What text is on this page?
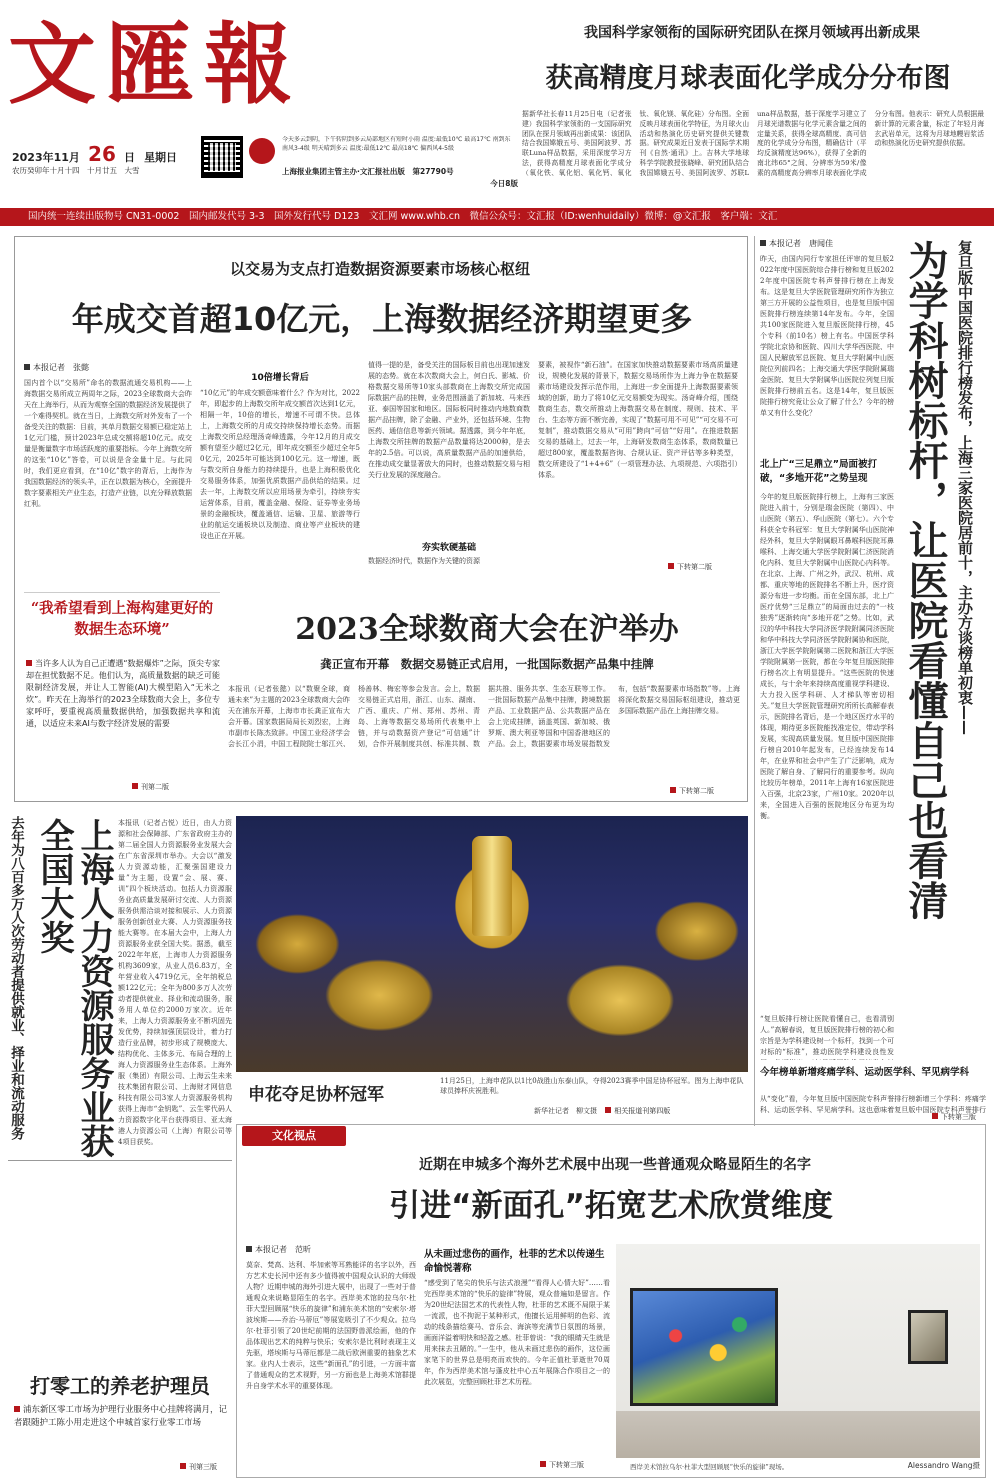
文匯報
2023年11月 26 日 星期日
农历癸卯年十月十四　十月廿五　大雪
今天多云到阴，下午转阴到多云局部地区有短时小雨 温度:最低10℃ 最高17℃ 南到东南风3-4级 明天晴到多云 温度:最低12℃ 最高18℃ 偏西风4-5级
上海报业集团主管主办·文汇报社出版 第27790号
今日8版
我国科学家领衔的国际研究团队在探月领域再出新成果
获高精度月球表面化学成分分布图
据新华社长春11月25日电（记者张建）我国科学家领衔的一支国际研究团队在探月领域再出新成果：该团队结合我国嫦娥五号、美国阿波罗、苏联Luna样品数据，采用深度学习方法，获得高精度月球表面化学成分（氧化铁、氧化铝、氧化钙、氧化钛、氧化镁、氧化硅）分布图。全面反映月球表面化学特征，为月球火山活动和热演化历史研究提供关键数据。研究成果近日发表于国际学术期刊《自然·通讯》上。吉林大学地球科学学院教授张晓峰、研究团队结合我国嫦娥五号、美国阿波罗、苏联Luna样品数据，基于深度学习建立了月球光谱数据与化学元素含量之间的定量关系，获得全球高精度、高可信度的化学成分分布图，精确估计（平均反演精度达96%），获得了全新的南北纬65°之间、分辨率为59米/像素的高精度高分辨率月球表面化学成分分布图。他表示：研究人员根据最新计算的元素含量，标定了年轻月海玄武岩单元，这将为月球地幔岩浆活动和热演化历史研究提供依据。
国内统一连续出版物号 CN31-0002　国内邮发代号 3-3　国外发行代号 D123　文汇网 www.whb.cn　微信公众号：文汇报（ID:wenhuidaily）微博：@文汇报　客户端：文汇
以交易为支点打造数据资源要素市场核心枢纽
年成交首超10亿元，上海数据经济期望更多
本报记者　张懿
国内首个以“交易所”命名的数据流通交易机构——上海数据交易所成立两周年之际，2023全球数商大会昨天在上海举行，从而为观察全国的数据经济发展提供了一个难得契机。就在当日，上海数交所对外发布了一个备受关注的数据：目前，其单月数据交易额已稳定站上1亿元门槛，预计2023年总成交额将超10亿元。成交量是衡量数字市场活跃度的重要指标。今年上海数交所的这张“10亿”答卷，可以说是含金量十足。与此同时，我们更应看到，在“10亿”数字的背后，上海作为我国数据经济的领头羊，正在以数据为核心，全面提升数字要素相关产业生态，打造产业链，以充分释放数据红利。
10倍增长背后
“10亿元”的年成交额意味着什么？作为对比，2022年，即起步的上海数交所年成交额首次达到1亿元，相隔一年，10倍的增长，增速不可谓不快。总体上，上海数交所的月成交持续保持增长态势。而据上海数交所总经理汤奇峰透露，今年12月的月成交额有望至少超过2亿元，即年成交额至少超过全年50亿元，2025年可能达到100亿元。这一增速，既与数交所自身能力的持续提升，也是上海积极优化交易服务体系，加强优质数据产品供给的结果。过去一年，上海数交所以应用场景为牵引，持续夯实运营体系，目前，覆盖金融、保险、证券等业务场景的金融板块，覆盖通信、运输、卫星、旅游等行业的航运交通板块以及制造、商业等产业板块的建设也正在开展。
值得一提的是，备受关注的国际板目前也出现加速发展的态势。就在本次数商大会上，何白氏、影城、价格数据交易所等10家头部数商在上海数交所完成国际数据产品的挂牌，业务范围涵盖了新加坡、马来西亚、泰国等国家和地区。国际板同时推动内地数商数据产品挂牌，除了金融、产业外，还包括环境、生物医药、通信信息等新兴领域。据透露，到今年年底，上海数交所挂牌的数据产品数量将达2000种，是去年的2.5倍。可以说，高质量数据产品的加速供给，在推动成交量显著放大的同时，也推动数据交易与相关行业发展的深度融合。
夯实软硬基础
数据经济时代，数据作为关键的资源
要素，被视作“新石油”。在国家加快推动数据要素市场高质量建设，规模化发展的背景下，数据交易场所作为上海力争在数据要素市场建设发挥示范作用，上海进一步全面提升上海数据要素领域的创新，助力了将10亿元交易额变为现实。汤奇峰介绍，围绕数商生态，数交所推动上海数据交易在制度、规则、技术、平台、生态等方面不断完善，实现了“数据可用不可见”“可交易不可复制”，推动数据交易从“可用”跨向“可信”“好用”。在推进数据交易的基础上，过去一年，上海研发数商生态体系，数商数量已超过800家，覆盖数据咨询、合规认证、资产评估等多种类型，数交所建设了“1+4+6”（一项管理办法、九项规范、六项指引）体系。
下转第二版
“我希望看到上海构建更好的数据生态环境”
当许多人认为自己正遭遇“数据爆炸”之际，顶尖专家却在担忧数据不足。他们认为，高质量数据的缺乏可能限制经济发展，并让人工智能(AI)大模型陷入“无米之炊”。昨天在上海举行的2023全球数商大会上，多位专家呼吁，要重视高质量数据供给，加强数据共享和流通，以适应未来AI与数字经济发展的需要
刊第二版
2023全球数商大会在沪举办
龚正宣布开幕　数据交易链正式启用，一批国际数据产品集中挂牌
本报讯（记者张懿）以“数聚全球，商通未来”为主题的2023全球数商大会昨天在浦东开幕，上海市市长龚正宣布大会开幕。国家数据局局长刘烈宏，上海市副市长陈杰致辞。中国工业经济学会会长江小涓，中国工程院院士邬江兴、杨善林、梅宏等参会发言。会上，数据交易链正式启用，浙江、山东、湖南、广西、重庆、广州、郑州、苏州、青岛、上海等数据交易场所代表集中上链，并与动数据资产登记“可信通”计划，合作开展制度共创、标准共制、数据共推、服务共享、生态互联等工作。一批国际数据产品集中挂牌，跨境数据产品、工业数据产品、公共数据产品在会上完成挂牌，涵盖英国、新加坡、俄罗斯、澳大利亚等国和中国香港地区的产品。会上，数据要素市场发展指数发布，包括“数据要素市场指数”等。上海将深化数据交易国际枢纽建设，推动更多国际数据产品在上海挂牌交易。
下转第二版
本报记者　唐闻佳
昨天，由国内同行专家担任评审的复旦版2022年度中国医院综合排行榜和复旦版2022年度中国医院专科声誉排行榜在上海发布。这是复旦大学医院管理研究所作为独立第三方开展的公益性项目，也是复旦版中国医院排行榜连续第14年发布。今年，全国共100家医院进入复旦版医院排行榜，45个专科（前10名）榜上有名。中国医学科学院北京协和医院、四川大学华西医院、中国人民解放军总医院、复旦大学附属中山医院位列前四名；上海交通大学医学院附属瑞金医院、复旦大学附属华山医院位列复旦版医院排行榜前五名。这是14年，复旦版医院排行榜究竟让公众了解了什么？今年的榜单又有什么变化？
为学科树标杆，让医院看懂自己也看清
复旦版中国医院排行榜发布，上海三家医院居前十，主办方谈榜单初衷——
北上广“三足鼎立”局面被打破，“多地开花”之势呈现
今年的复旦版医院排行榜上，上海有三家医院进入前十，分别是瑞金医院（第四）、中山医院（第五）、华山医院（第七）。六个专科获全专科冠军：复旦大学附属华山医院神经外科，复旦大学附属眼耳鼻喉科医院耳鼻喉科、上海交通大学医学院附属仁济医院消化内科、复旦大学附属中山医院心内科等。在北京、上海、广州之外，武汉、杭州、成都、重庆等地的医院排名不断上升，医疗资源分布进一步均衡。而在全国东部，北上广医疗优势“三足鼎立”的局面由过去的“一枝独秀”逐渐转向“多地开花”之势。比如，武汉的华中科技大学同济医学院附属同济医院和华中科技大学同济医学院附属协和医院，浙江大学医学院附属第二医院和浙江大学医学院附属第一医院，都在今年复旦版医院排行榜名次上有明显提升。“这些医院的快速成长，与十余年来持续高度重视学科建设、大力投入医学科研、人才梯队等密切相关。”复旦大学医院管理研究所所长高解春表示，医院排名背后，是一个地区医疗水平的体现，期待更多医院能找准定位，带动学科发展，实现高质量发展。复旦版中国医院排行榜自2010年起发布，已经连续发布14年，在业界和社会中产生了广泛影响，成为医院了解自身、了解同行的重要参考。纵向比较历年榜单，2011年上海有16家医院进入百强，北京23家，广州10家。2020年以来，全国进入百强的医院地区分布更为均衡。
“复旦版排行榜让医院看懂自己，也看清别人。”高解春说，复旦版医院排行榜的初心和宗旨是为学科建设树一个标杆，找到一个可对标的“标准”，推动医院学科建设良性发
今年榜单新增疼痛学科、运动医学科、罕见病学科
从“变化”看，今年复旦版中国医院专科声誉排行榜新增三个学科：疼痛学科、运动医学科、罕见病学科。这也意味着复旦版中国医院专科声誉排行
下转第三版
去年为八百多万人次劳动者提供就业、择业和流动服务	上海人力资源服务业获全国大奖	本报讯（记者占悦）近日，由人力资源和社会保障部、广东省政府主办的第二届全国人力资源服务业发展大会在广东省深圳市举办。大会以“激发人力资源动能，汇聚强国建设力量”为主题，设置“会、展、赛、训”四个板块活动。包括人力资源服务业高质量发展研讨交流、人力资源服务供需洽谈对接和展示、人力资源服务创新创业大赛、人力资源服务技能大赛等。在本届大会中，上海人力资源服务业获全国大奖。据悉，截至2022年年底，上海市人力资源服务机构3609家，从业人员6.83万，全年营业收入4719亿元，全年纳税总额122亿元；全年为800多万人次劳动者提供就业、择业和流动服务，服务用人单位约2000万家次。近年来，上海人力资源服务业不断巩固先发优势，持续加强顶层设计，着力打造行业品牌，初步形成了规模庞大、结构优化、主体多元、布局合理的上海人力资源服务业生态体系。上海外服（集团）有限公司、上海云生未来技术集团有限公司、上海财才网信息科技有限公司3家人力资源服务机构获得上海市“金钥匙”、云生零代码人力资源数字化平台获得项目、亚太海港人力资源公司（上海）有限公司等4项目获奖。
申花夺足协杯冠军
11月25日，上海申花队以1比0战胜山东泰山队，夺得2023赛季中国足协杯冠军。图为上海申花队球员捧杯庆祝胜利。
新华社记者　柳文摄 相关报道刊第四版
文化视点
近期在申城多个海外艺术展中出现一些普通观众略显陌生的名字
引进“新面孔”拓宽艺术欣赏维度
本报记者　范昕
莫奈、梵高、达利、毕加索等耳熟能详的名字以外，西方艺术史长河中还有多少值得被中国观众认识的大师级人物？近期申城的海外引进大展中，出现了一些对于普通观众来说略显陌生的名字。西岸美术馆的拉乌尔·杜菲大型回顾展“快乐的旋律”和浦东美术馆的“安索尔·塔波埃斯——乔治·马蒂厄”等展览吸引了不少观众。拉乌尔·杜菲引领了20世纪前期的法国野兽派绘画，他的作品体现出艺术的纯粹与快乐；安索尔是比利时表现主义先驱，塔埃斯与马蒂厄都是二战后欧洲重要的抽象艺术家。业内人士表示，这些“新面孔”的引进，一方面丰富了普通观众的艺术视野，另一方面也是上海美术馆群提升自身学术水平的重要体现。
从未画过悲伤的画作，杜菲的艺术以传递生命愉悦著称
“感受到了笔尖的快乐与法式浪漫”“看得人心情大好”……看完西岸美术馆的“快乐的旋律”特展，观众普遍如是留言。作为20世纪法国艺术的代表性人物，杜菲的艺术既不局限于某一流派，也不拘泥于某种形式，他擅长运用鲜明的色彩、流动的线条描绘赛马、音乐会、海滨等充满节日氛围的场景，画面洋溢着明快和轻盈之感。杜菲曾说：“我的眼睛天生就是用来抹去丑陋的。”一生中，他从未画过悲伤的画作，这位画家笔下的世界总是明亮而欢快的。今年正值杜菲逝世70周年，作为西岸美术馆与蓬皮杜中心五年展陈合作项目之一的此次展览，完整回顾杜菲艺术历程。
下转第三版	西岸美术馆拉乌尔·杜菲大型回顾展“快乐的旋律”现场。	Alessandro Wang摄
打零工的养老护理员
浦东新区零工市场为护理行业服务中心挂牌将满月，记者跟随护工陈小用走进这个申城首家行业零工市场
刊第三版
